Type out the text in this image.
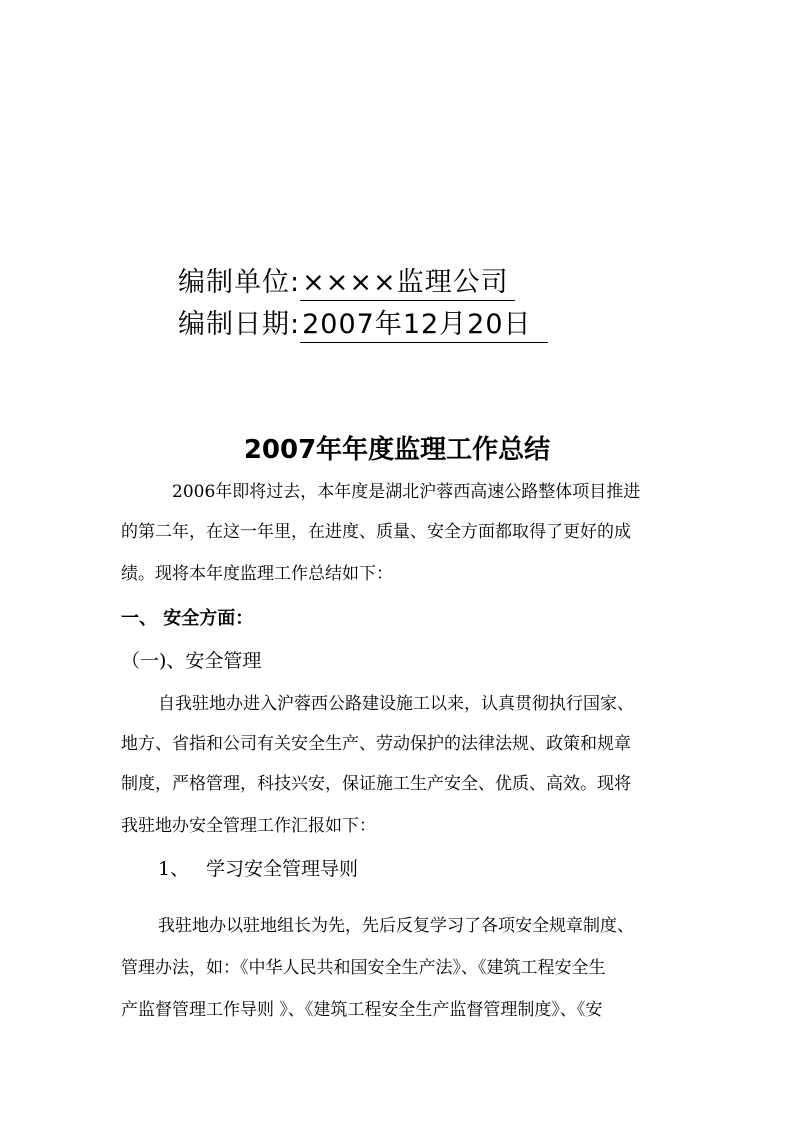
编制单位:××××监理公司
编制日期:2007年12月20日
2007年年度监理工作总结
2006年即将过去，本年度是湖北沪蓉西高速公路整体项目推进
的第二年，在这一年里，在进度、质量、安全方面都取得了更好的成
绩。现将本年度监理工作总结如下：
一、 安全方面：
（一)、安全管理
自我驻地办进入沪蓉西公路建设施工以来，认真贯彻执行国家、
地方、省指和公司有关安全生产、劳动保护的法律法规、政策和规章
制度，严格管理，科技兴安，保证施工生产安全、优质、高效。现将
我驻地办安全管理工作汇报如下：
1、 学习安全管理导则
我驻地办以驻地组长为先，先后反复学习了各项安全规章制度、
管理办法，如：《中华人民共和国安全生产法》、《建筑工程安全生
产监督管理工作导则 》、《建筑工程安全生产监督管理制度》、《安
